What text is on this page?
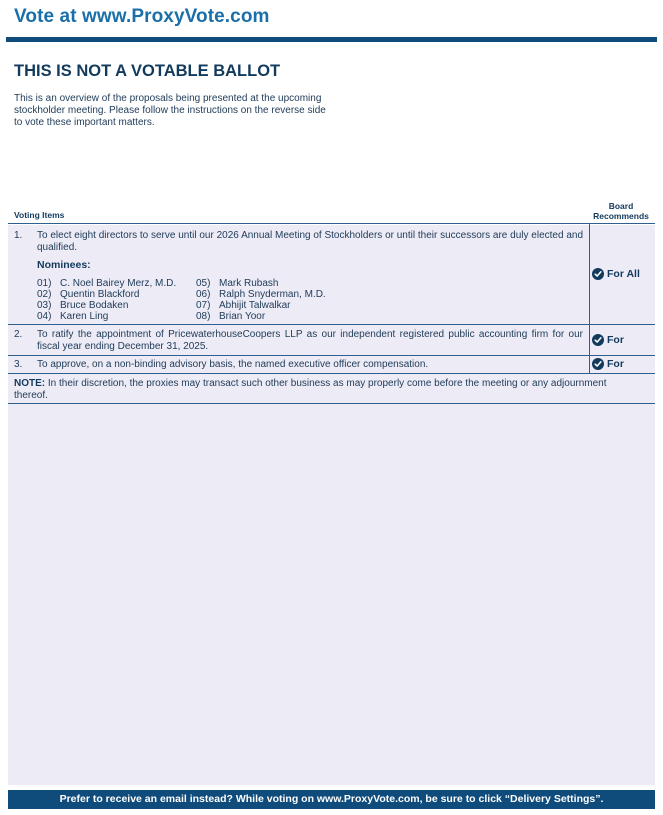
Vote at www.ProxyVote.com
THIS IS NOT A VOTABLE BALLOT
This is an overview of the proposals being presented at the upcoming stockholder meeting. Please follow the instructions on the reverse side to vote these important matters.
Voting Items
Board Recommends
1. To elect eight directors to serve until our 2026 Annual Meeting of Stockholders or until their successors are duly elected and qualified.
Nominees:
01) C. Noel Bairey Merz, M.D.
02) Quentin Blackford
03) Bruce Bodaken
04) Karen Ling
05) Mark Rubash
06) Ralph Snyderman, M.D.
07) Abhijit Talwalkar
08) Brian Yoor
For All
2. To ratify the appointment of PricewaterhouseCoopers LLP as our independent registered public accounting firm for our fiscal year ending December 31, 2025.	For
3. To approve, on a non-binding advisory basis, the named executive officer compensation.	For
NOTE: In their discretion, the proxies may transact such other business as may properly come before the meeting or any adjournment thereof.
Prefer to receive an email instead? While voting on www.ProxyVote.com, be sure to click “Delivery Settings”.
